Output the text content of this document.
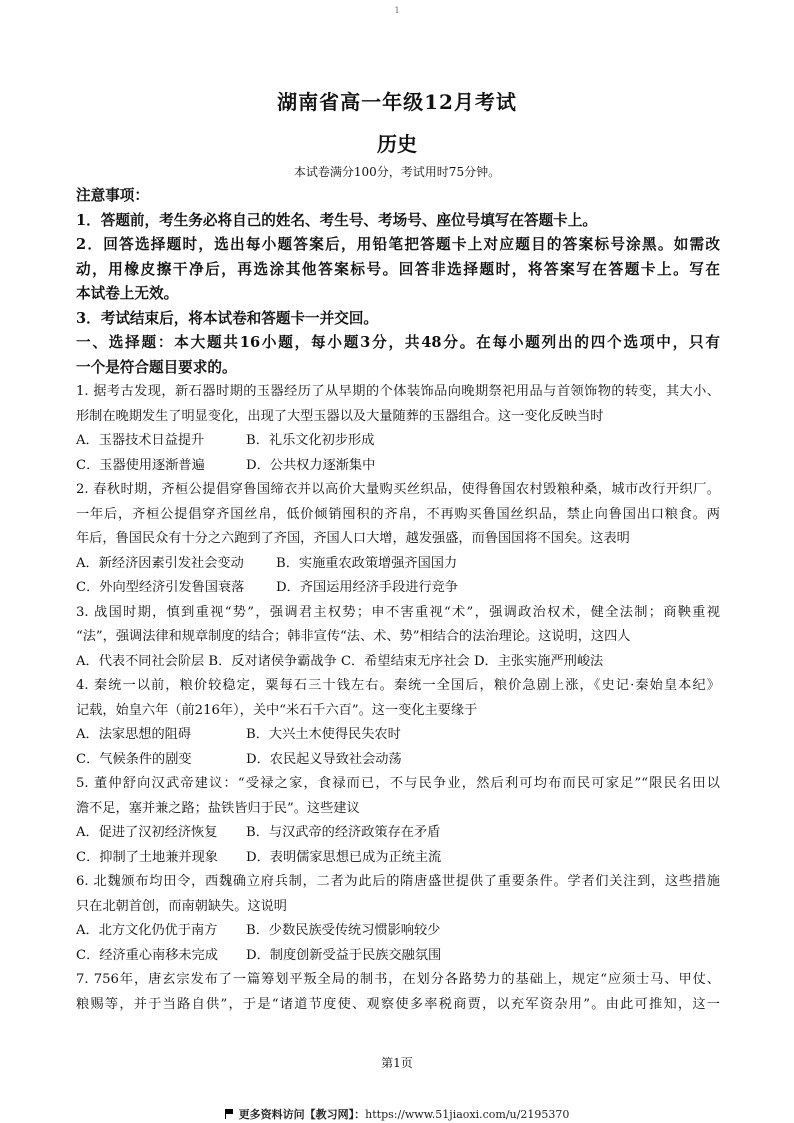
1
湖南省高一年级12月考试
历史
本试卷满分100分，考试用时75分钟。
注意事项：
1．答题前，考生务必将自己的姓名、考生号、考场号、座位号填写在答题卡上。
2．回答选择题时，选出每小题答案后，用铅笔把答题卡上对应题目的答案标号涂黑。如需改
动，用橡皮擦干净后，再选涂其他答案标号。回答非选择题时，将答案写在答题卡上。写在
本试卷上无效。
3．考试结束后，将本试卷和答题卡一并交回。
一、选择题：本大题共16小题，每小题3分，共48分。在每小题列出的四个选项中，只有
一个是符合题目要求的。
1. 据考古发现，新石器时期的玉器经历了从早期的个体装饰品向晚期祭祀用品与首领饰物的转变，其大小、
形制在晚期发生了明显变化，出现了大型玉器以及大量随葬的玉器组合。这一变化反映当时
A．玉器技术日益提升	B．礼乐文化初步形成
C．玉器使用逐渐普遍	D．公共权力逐渐集中
2. 春秋时期，齐桓公提倡穿鲁国缔衣并以高价大量购买丝织品，使得鲁国农村毁粮种桑，城市改行开织厂。
一年后，齐桓公提倡穿齐国丝帛，低价倾销囤积的齐帛，不再购买鲁国丝织品，禁止向鲁国出口粮食。两
年后，鲁国民众有十分之六跑到了齐国，齐国人口大增，越发强盛，而鲁国国将不国矣。这表明
A．新经济因素引发社会变动	B．实施重农政策增强齐国国力
C．外向型经济引发鲁国衰落	D．齐国运用经济手段进行竞争
3. 战国时期，慎到重视“势”，强调君主权势；申不害重视“术”，强调政治权术，健全法制；商鞅重视
“法”，强调法律和规章制度的结合；韩非宣传“法、术、势”相结合的法治理论。这说明，这四人
A．代表不同社会阶层 B．反对诸侯争霸战争 C．希望结束无序社会 D．主张实施严刑峻法
4. 秦统一以前，粮价较稳定，粟每石三十钱左右。秦统一全国后，粮价急剧上涨，《史记·秦始皇本纪》
记载，始皇六年（前216年），关中“米石千六百”。这一变化主要缘于
A．法家思想的阻碍	B．大兴土木使得民失农时
C．气候条件的剧变	D．农民起义导致社会动荡
5. 董仲舒向汉武帝建议：“受禄之家，食禄而已，不与民争业，然后利可均布而民可家足”“限民名田以
澹不足，塞并兼之路；盐铁皆归于民”。这些建议
A．促进了汉初经济恢复	B．与汉武帝的经济政策存在矛盾
C．抑制了土地兼并现象	D．表明儒家思想已成为正统主流
6. 北魏颁布均田令，西魏确立府兵制，二者为此后的隋唐盛世提供了重要条件。学者们关注到，这些措施
只在北朝首创，而南朝缺失。这说明
A．北方文化仍优于南方	B．少数民族受传统习惯影响较少
C．经济重心南移未完成	D．制度创新受益于民族交融氛围
7. 756年，唐玄宗发布了一篇筹划平叛全局的制书，在划分各路势力的基础上，规定“应须士马、甲仗、
粮赐等，并于当路自供”，于是“诸道节度使、观察使多率税商贾，以充军资杂用”。由此可推知，这一
第1页
更多资料访问【教习网】：https://www.51jiaoxi.com/u/2195370
